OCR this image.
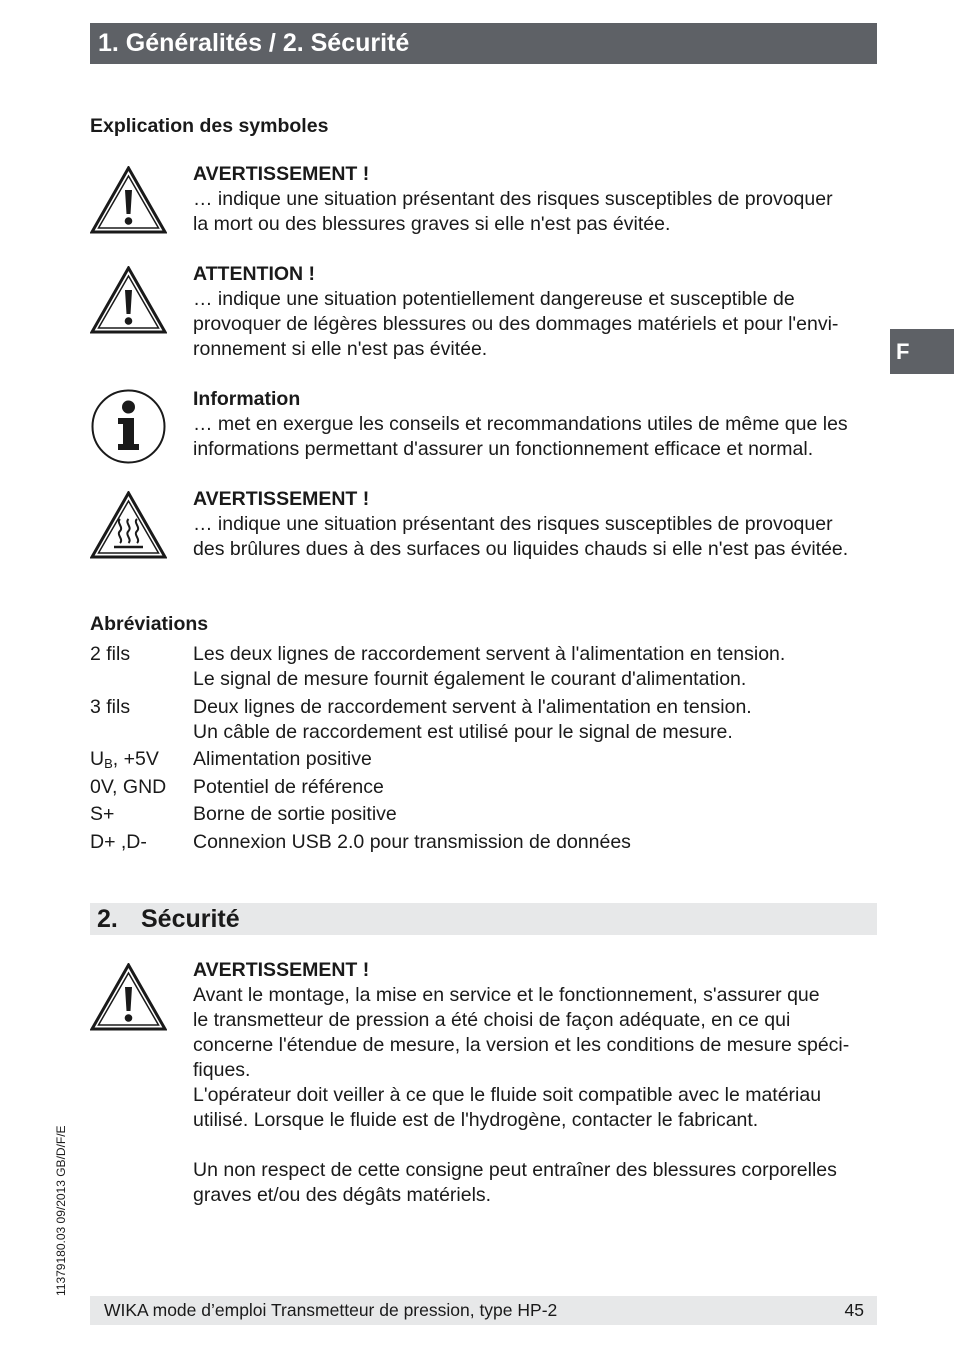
1. Généralités / 2. Sécurité
F
Explication des symboles
AVERTISSEMENT !
… indique une situation présentant des risques susceptibles de provoquer
la mort ou des blessures graves si elle n'est pas évitée.
ATTENTION !
… indique une situation potentiellement dangereuse et susceptible de
provoquer de légères blessures ou des dommages matériels et pour l'envi-
ronnement si elle n'est pas évitée.
Information
… met en exergue les conseils et recommandations utiles de même que les
informations permettant d'assurer un fonctionnement efficace et normal.
AVERTISSEMENT !
… indique une situation présentant des risques susceptibles de provoquer
des brûlures dues à des surfaces ou liquides chauds si elle n'est pas évitée.
Abréviations
2 fils	Les deux lignes de raccordement servent à l'alimentation en tension.
Le signal de mesure fournit également le courant d'alimentation.
3 fils	Deux lignes de raccordement servent à l'alimentation en tension.
Un câble de raccordement est utilisé pour le signal de mesure.
$U_B$, +5V	Alimentation positive
0V, GND	Potentiel de référence
S+	Borne de sortie positive
D+ ,D-	Connexion USB 2.0 pour transmission de données
2. Sécurité

AVERTISSEMENT !

Avant le montage, la mise en service et le fonctionnement, s'assurer que

le transmetteur de pression a été choisi de façon adéquate, en ce qui

concerne l'étendue de mesure, la version et les conditions de mesure spéci-

fiques.

L'opérateur doit veiller à ce que le fluide soit compatible avec le matériau

utilisé. Lorsque le fluide est de l'hydrogène, contacter le fabricant.

Un non respect de cette consigne peut entraîner des blessures corporelles

graves et/ou des dégâts matériels.

11379180.03 09/2013 GB/D/F/E
WIKA mode d’emploi Transmetteur de pression, type HP-2	45
